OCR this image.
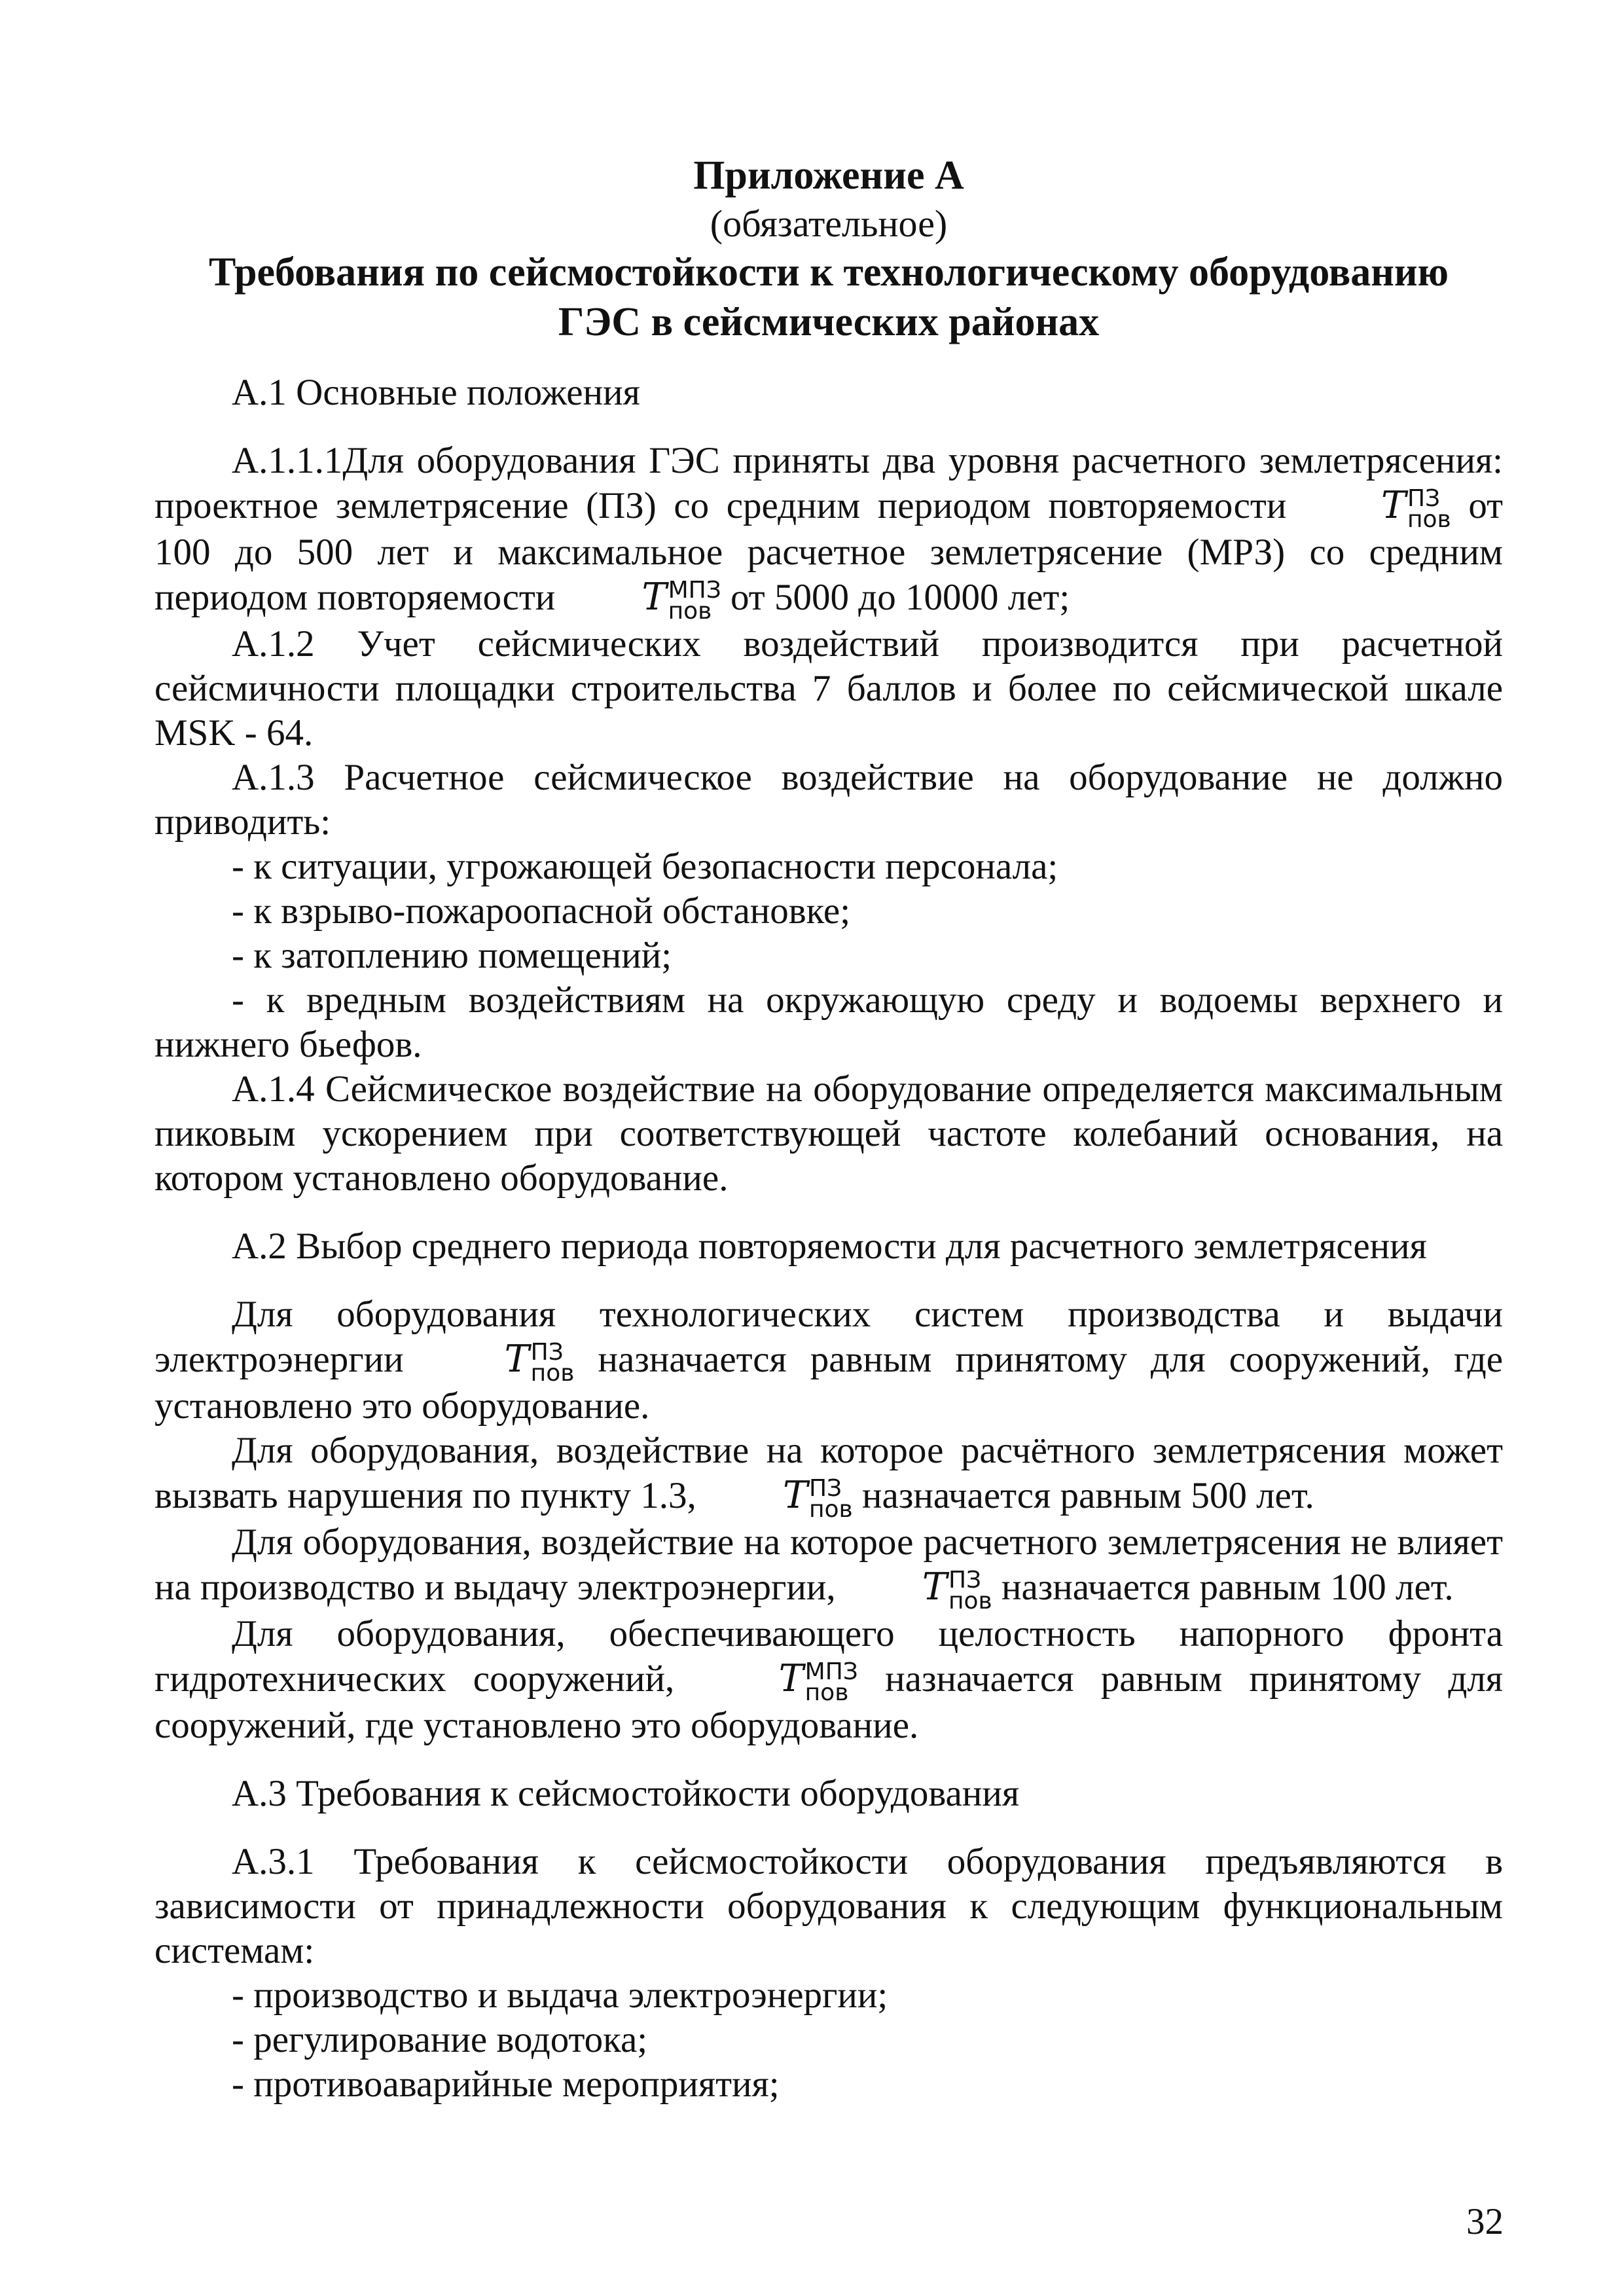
Приложение А
(обязательное)
Требования по сейсмостойкости к технологическому оборудованию
ГЭС в сейсмических районах

А.1 Основные положения

А.1.1.1Для оборудования ГЭС приняты два уровня расчетного землетрясения: проектное землетрясение (ПЗ) со средним периодом повторяемости T ПЗ
пов от 100 до 500 лет и максимальное расчетное землетрясение (МРЗ) со средним периодом повторяемости T МПЗ
пов от 5000 до 10000 лет;

А.1.2 Учет сейсмических воздействий производится при расчетной сейсмичности площадки строительства 7 баллов и более по сейсмической шкале MSK - 64.

А.1.3 Расчетное сейсмическое воздействие на оборудование не должно приводить:

- к ситуации, угрожающей безопасности персонала;

- к взрыво-пожароопасной обстановке;

- к затоплению помещений;

- к вредным воздействиям на окружающую среду и водоемы верхнего и нижнего бьефов.

А.1.4 Сейсмическое воздействие на оборудование определяется максимальным пиковым ускорением при соответствующей частоте колебаний основания, на котором установлено оборудование.

А.2 Выбор среднего периода повторяемости для расчетного землетрясения

Для оборудования технологических систем производства и выдачи электроэнергии T ПЗ
пов назначается равным принятому для сооружений, где установлено это оборудование.

Для оборудования, воздействие на которое расчётного землетрясения может вызвать нарушения по пункту 1.3, T ПЗ
пов назначается равным 500 лет.

Для оборудования, воздействие на которое расчетного землетрясения не влияет на производство и выдачу электроэнергии, T ПЗ
пов назначается равным 100 лет.

Для оборудования, обеспечивающего целостность напорного фронта гидротехнических сооружений, T МПЗ
пов назначается равным принятому для сооружений, где установлено это оборудование.

А.3 Требования к сейсмостойкости оборудования

А.3.1 Требования к сейсмостойкости оборудования предъявляются в зависимости от принадлежности оборудования к следующим функциональным системам:

- производство и выдача электроэнергии;

- регулирование водотока;

- противоаварийные мероприятия;

32
